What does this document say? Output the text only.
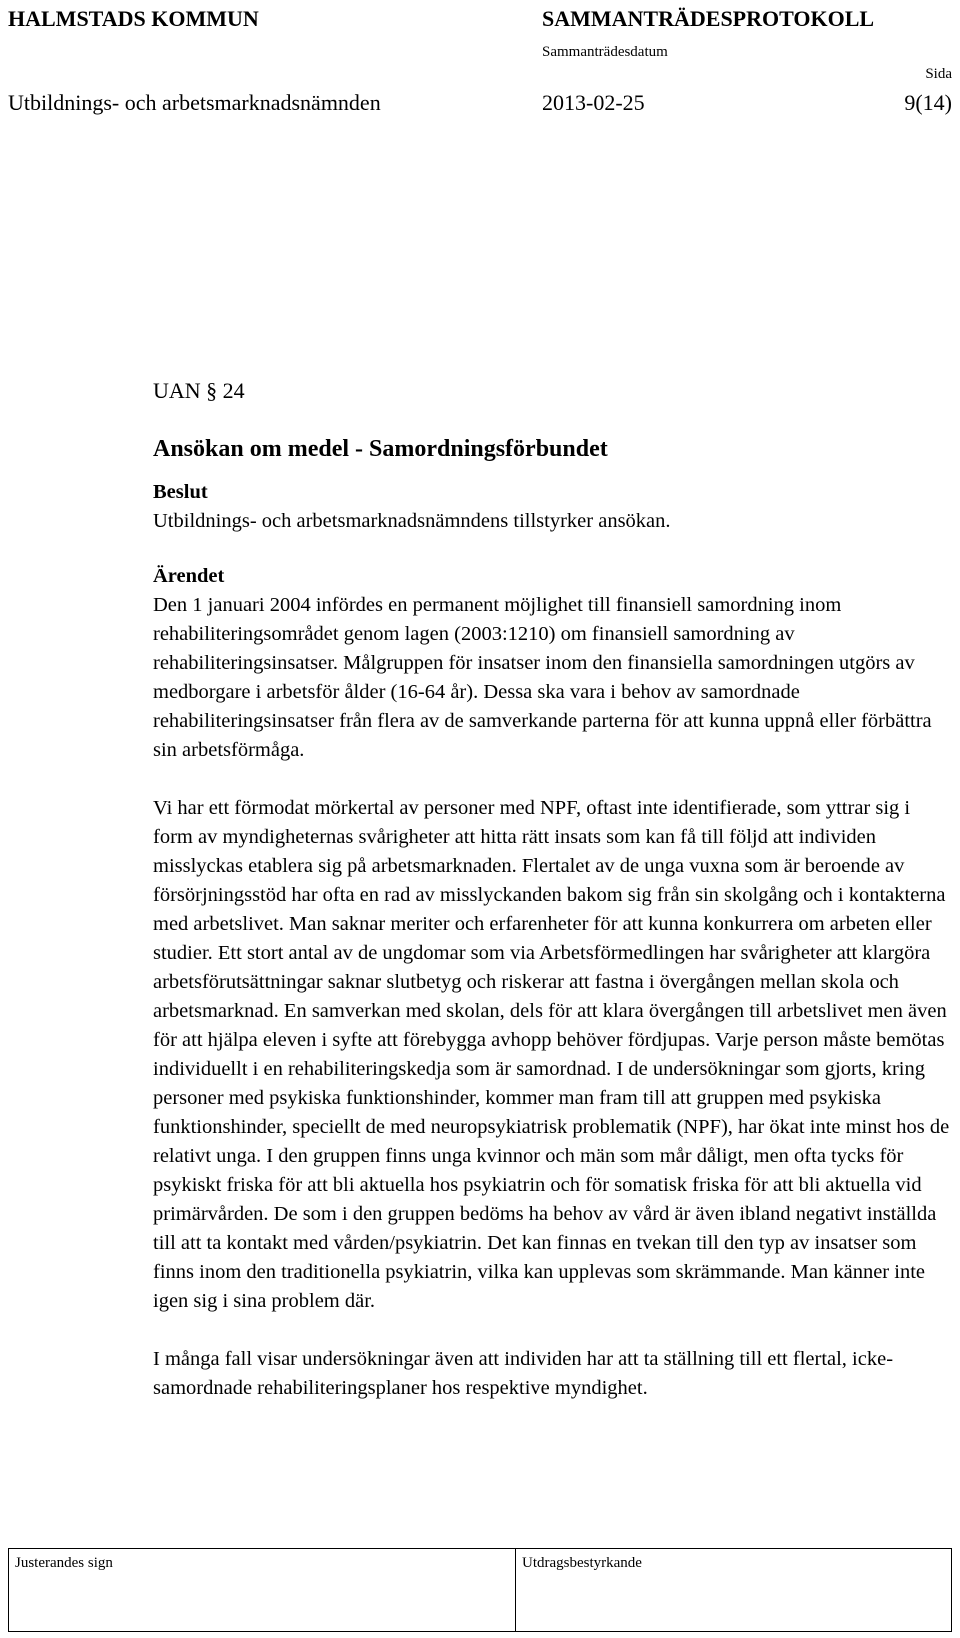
HALMSTADS KOMMUN	SAMMANTRÄDESPROTOKOLL
Sammanträdesdatum
Sida
Utbildnings- och arbetsmarknadsnämnden	2013-02-25	9(14)
UAN § 24
Ansökan om medel - Samordningsförbundet

Beslut

Utbildnings- och arbetsmarknadsnämndens tillstyrker ansökan.

Ärendet

Den 1 januari 2004 infördes en permanent möjlighet till finansiell samordning inom rehabiliteringsområdet genom lagen (2003:1210) om finansiell samordning av rehabiliteringsinsatser. Målgruppen för insatser inom den finansiella samordningen utgörs av medborgare i arbetsför ålder (16-64 år). Dessa ska vara i behov av samordnade rehabiliteringsinsatser från flera av de samverkande parterna för att kunna uppnå eller förbättra sin arbetsförmåga.

Vi har ett förmodat mörkertal av personer med NPF, oftast inte identifierade, som yttrar sig i form av myndigheternas svårigheter att hitta rätt insats som kan få till följd att individen misslyckas etablera sig på arbetsmarknaden. Flertalet av de unga vuxna som är beroende av försörjningsstöd har ofta en rad av misslyckanden bakom sig från sin skolgång och i kontakterna med arbetslivet. Man saknar meriter och erfarenheter för att kunna konkurrera om arbeten eller studier. Ett stort antal av de ungdomar som via Arbetsförmedlingen har svårigheter att klargöra arbetsförutsättningar saknar slutbetyg och riskerar att fastna i övergången mellan skola och arbetsmarknad. En samverkan med skolan, dels för att klara övergången till arbetslivet men även för att hjälpa eleven i syfte att förebygga avhopp behöver fördjupas. Varje person måste bemötas individuellt i en rehabiliteringskedja som är samordnad. I de undersökningar som gjorts, kring personer med psykiska funktionshinder, kommer man fram till att gruppen med psykiska funktionshinder, speciellt de med neuropsykiatrisk problematik (NPF), har ökat inte minst hos de relativt unga. I den gruppen finns unga kvinnor och män som mår dåligt, men ofta tycks för psykiskt friska för att bli aktuella hos psykiatrin och för somatisk friska för att bli aktuella vid primärvården. De som i den gruppen bedöms ha behov av vård är även ibland negativt inställda till att ta kontakt med vården/psykiatrin. Det kan finnas en tvekan till den typ av insatser som finns inom den traditionella psykiatrin, vilka kan upplevas som skrämmande. Man känner inte igen sig i sina problem där.

I många fall visar undersökningar även att individen har att ta ställning till ett flertal, icke-samordnade rehabiliteringsplaner hos respektive myndighet.

Justerandes sign	Utdragsbestyrkande
